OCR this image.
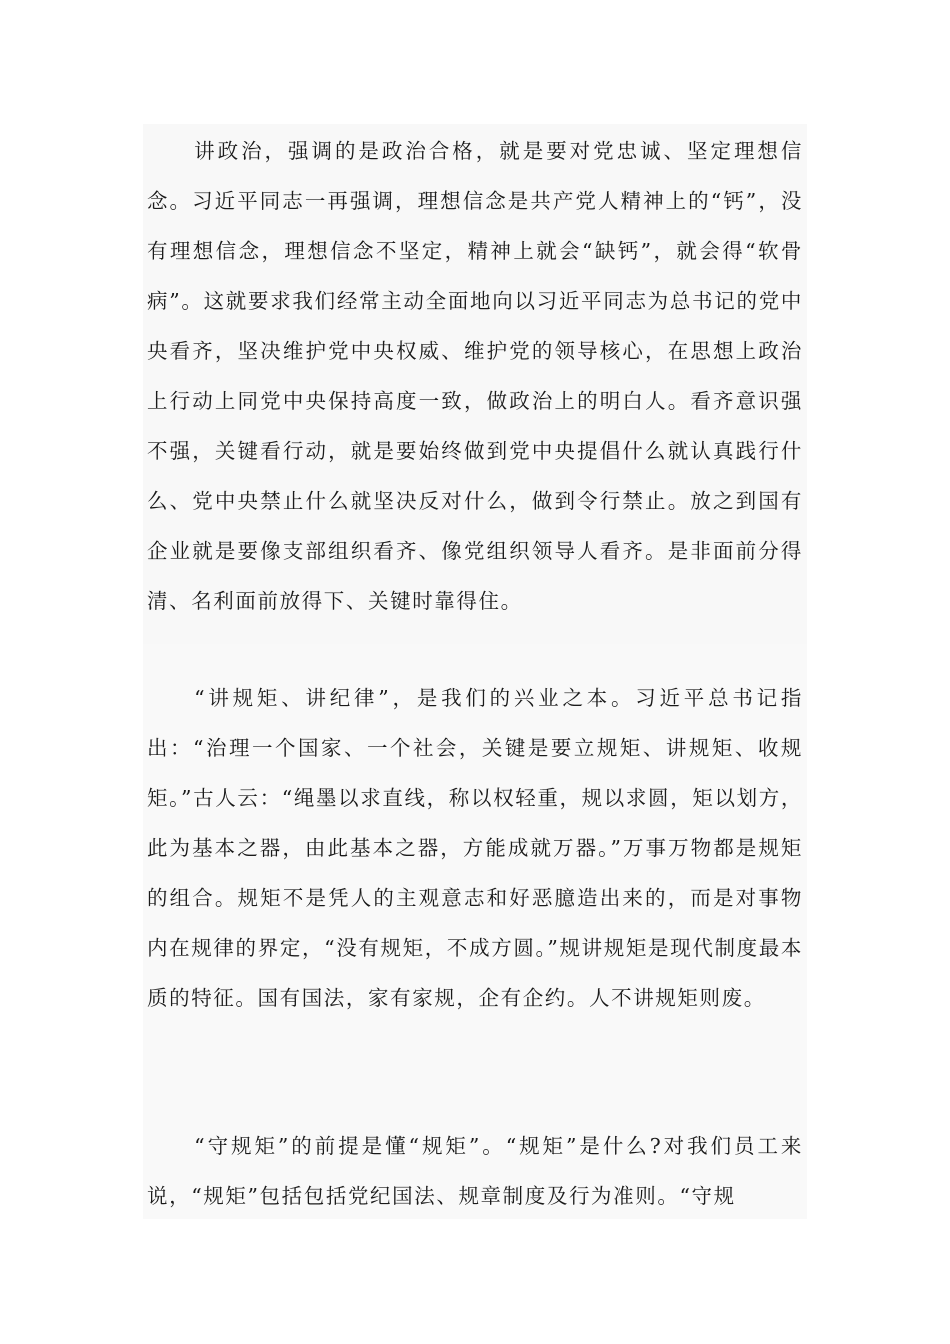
讲政治，强调的是政治合格，就是要对党忠诚、坚定理想信念。习近平同志一再强调，理想信念是共产党人精神上的“钙”，没有理想信念，理想信念不坚定，精神上就会“缺钙”，就会得“软骨病”。这就要求我们经常主动全面地向以习近平同志为总书记的党中央看齐，坚决维护党中央权威、维护党的领导核心，在思想上政治上行动上同党中央保持高度一致，做政治上的明白人。看齐意识强不强，关键看行动，就是要始终做到党中央提倡什么就认真践行什么、党中央禁止什么就坚决反对什么，做到令行禁止。放之到国有企业就是要像支部组织看齐、像党组织领导人看齐。是非面前分得清、名利面前放得下、关键时靠得住。

“讲规矩、讲纪律”，是我们的兴业之本。习近平总书记指出：“治理一个国家、一个社会，关键是要立规矩、讲规矩、收规矩。”古人云：“绳墨以求直线，称以权轻重，规以求圆，矩以划方，此为基本之器，由此基本之器，方能成就万器。”万事万物都是规矩的组合。规矩不是凭人的主观意志和好恶臆造出来的，而是对事物内在规律的界定，“没有规矩，不成方圆。”规讲规矩是现代制度最本质的特征。国有国法，家有家规，企有企约。人不讲规矩则废。

“守规矩”的前提是懂“规矩”。“规矩”是什么?对我们员工来说，“规矩”包括包括党纪国法、规章制度及行为准则。“守规
